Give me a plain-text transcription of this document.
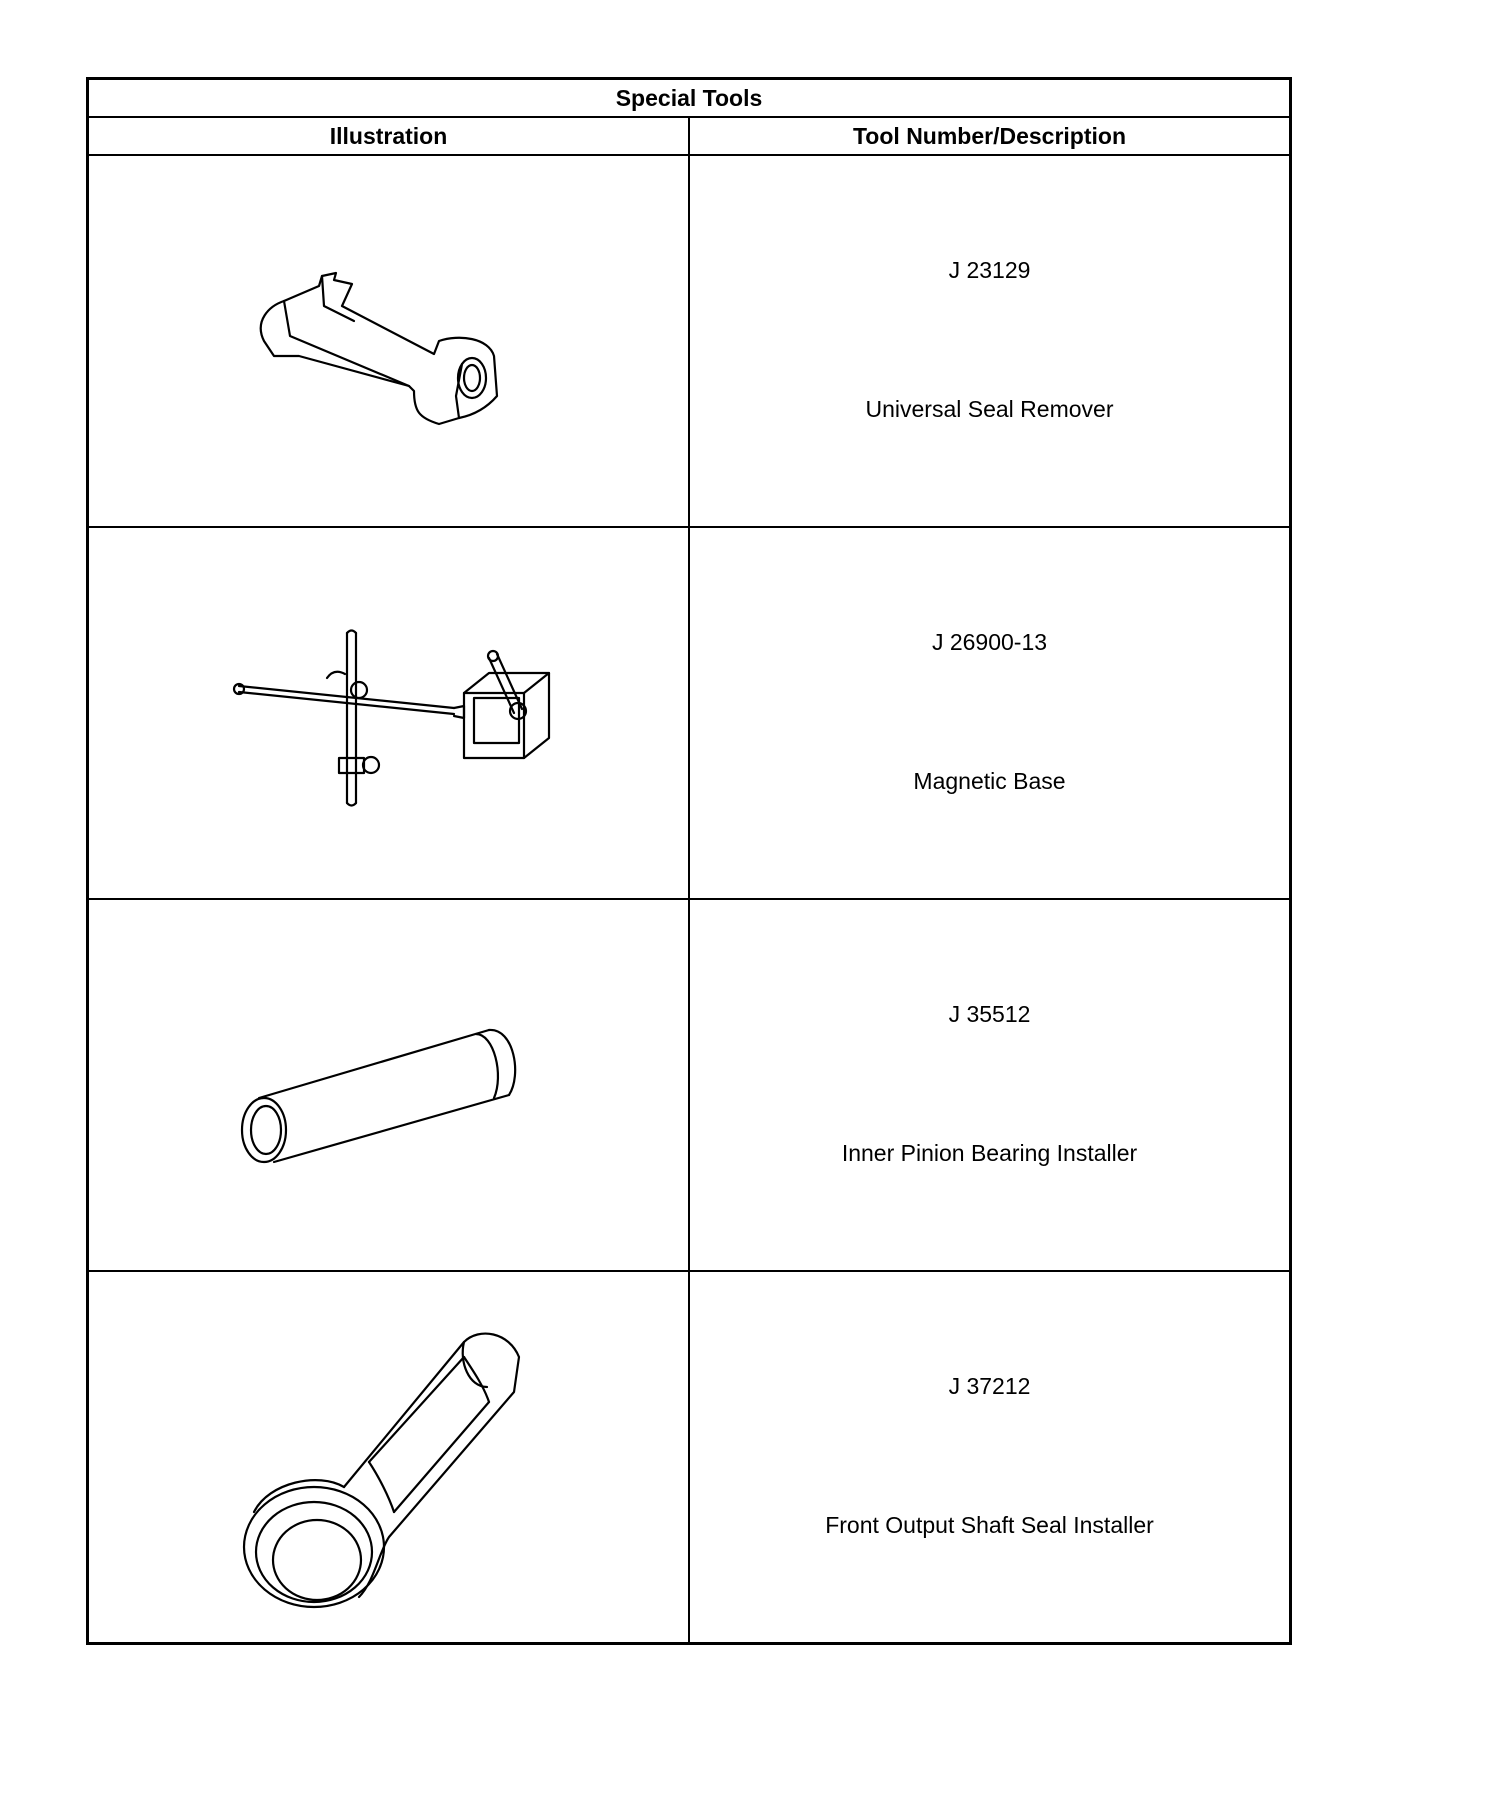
Special Tools	
Illustration	Tool Number/Description

J 23129
Universal Seal Remover

J 26900-13
Magnetic Base

J 35512
Inner Pinion Bearing Installer

J 37212
Front Output Shaft Seal Installer
